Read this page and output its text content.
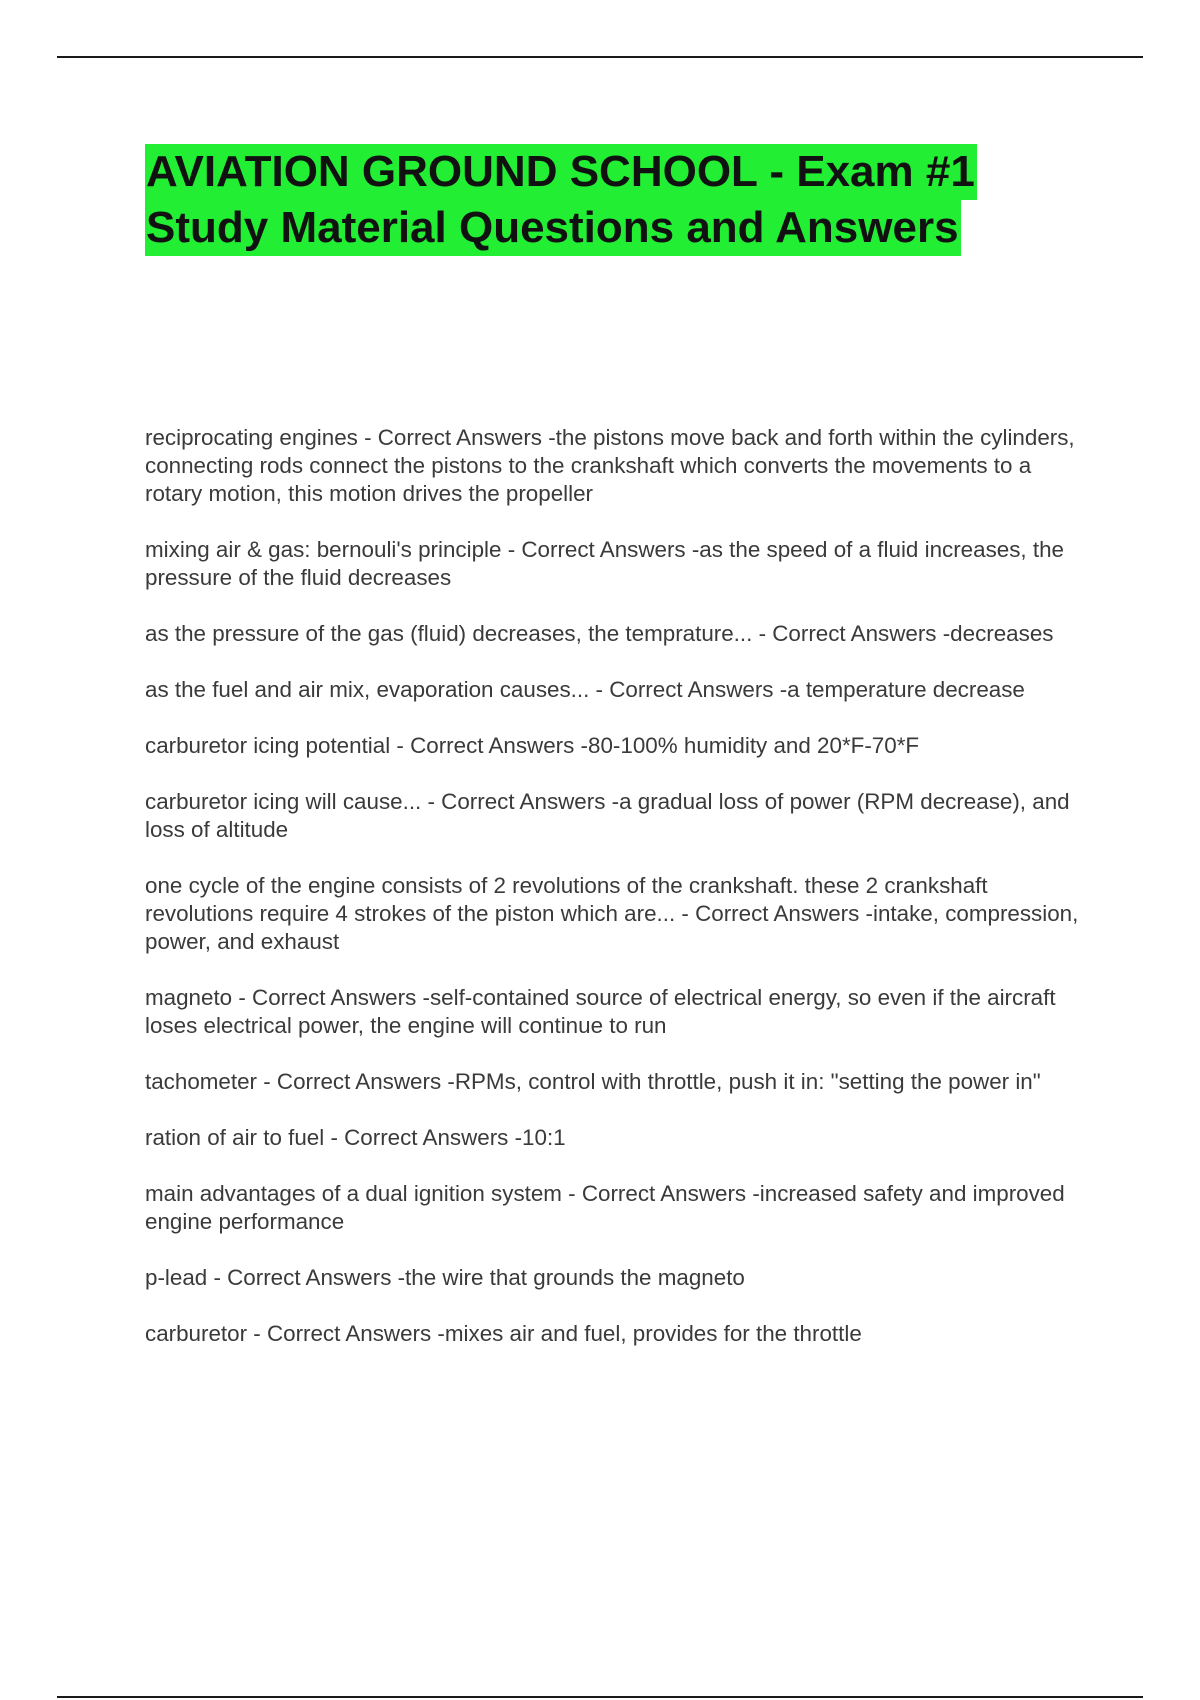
AVIATION GROUND SCHOOL - Exam #1
Study Material Questions and Answers
reciprocating engines - Correct Answers -the pistons move back and forth within the cylinders, connecting rods connect the pistons to the crankshaft which converts the movements to a rotary motion, this motion drives the propeller
mixing air & gas: bernouli's principle - Correct Answers -as the speed of a fluid increases, the pressure of the fluid decreases
as the pressure of the gas (fluid) decreases, the temprature... - Correct Answers -decreases
as the fuel and air mix, evaporation causes... - Correct Answers -a temperature decrease
carburetor icing potential - Correct Answers -80-100% humidity and 20*F-70*F
carburetor icing will cause... - Correct Answers -a gradual loss of power (RPM decrease), and loss of altitude
one cycle of the engine consists of 2 revolutions of the crankshaft. these 2 crankshaft revolutions require 4 strokes of the piston which are... - Correct Answers -intake, compression, power, and exhaust
magneto - Correct Answers -self-contained source of electrical energy, so even if the aircraft loses electrical power, the engine will continue to run
tachometer - Correct Answers -RPMs, control with throttle, push it in: "setting the power in"
ration of air to fuel - Correct Answers -10:1
main advantages of a dual ignition system - Correct Answers -increased safety and improved engine performance
p-lead - Correct Answers -the wire that grounds the magneto
carburetor - Correct Answers -mixes air and fuel, provides for the throttle
